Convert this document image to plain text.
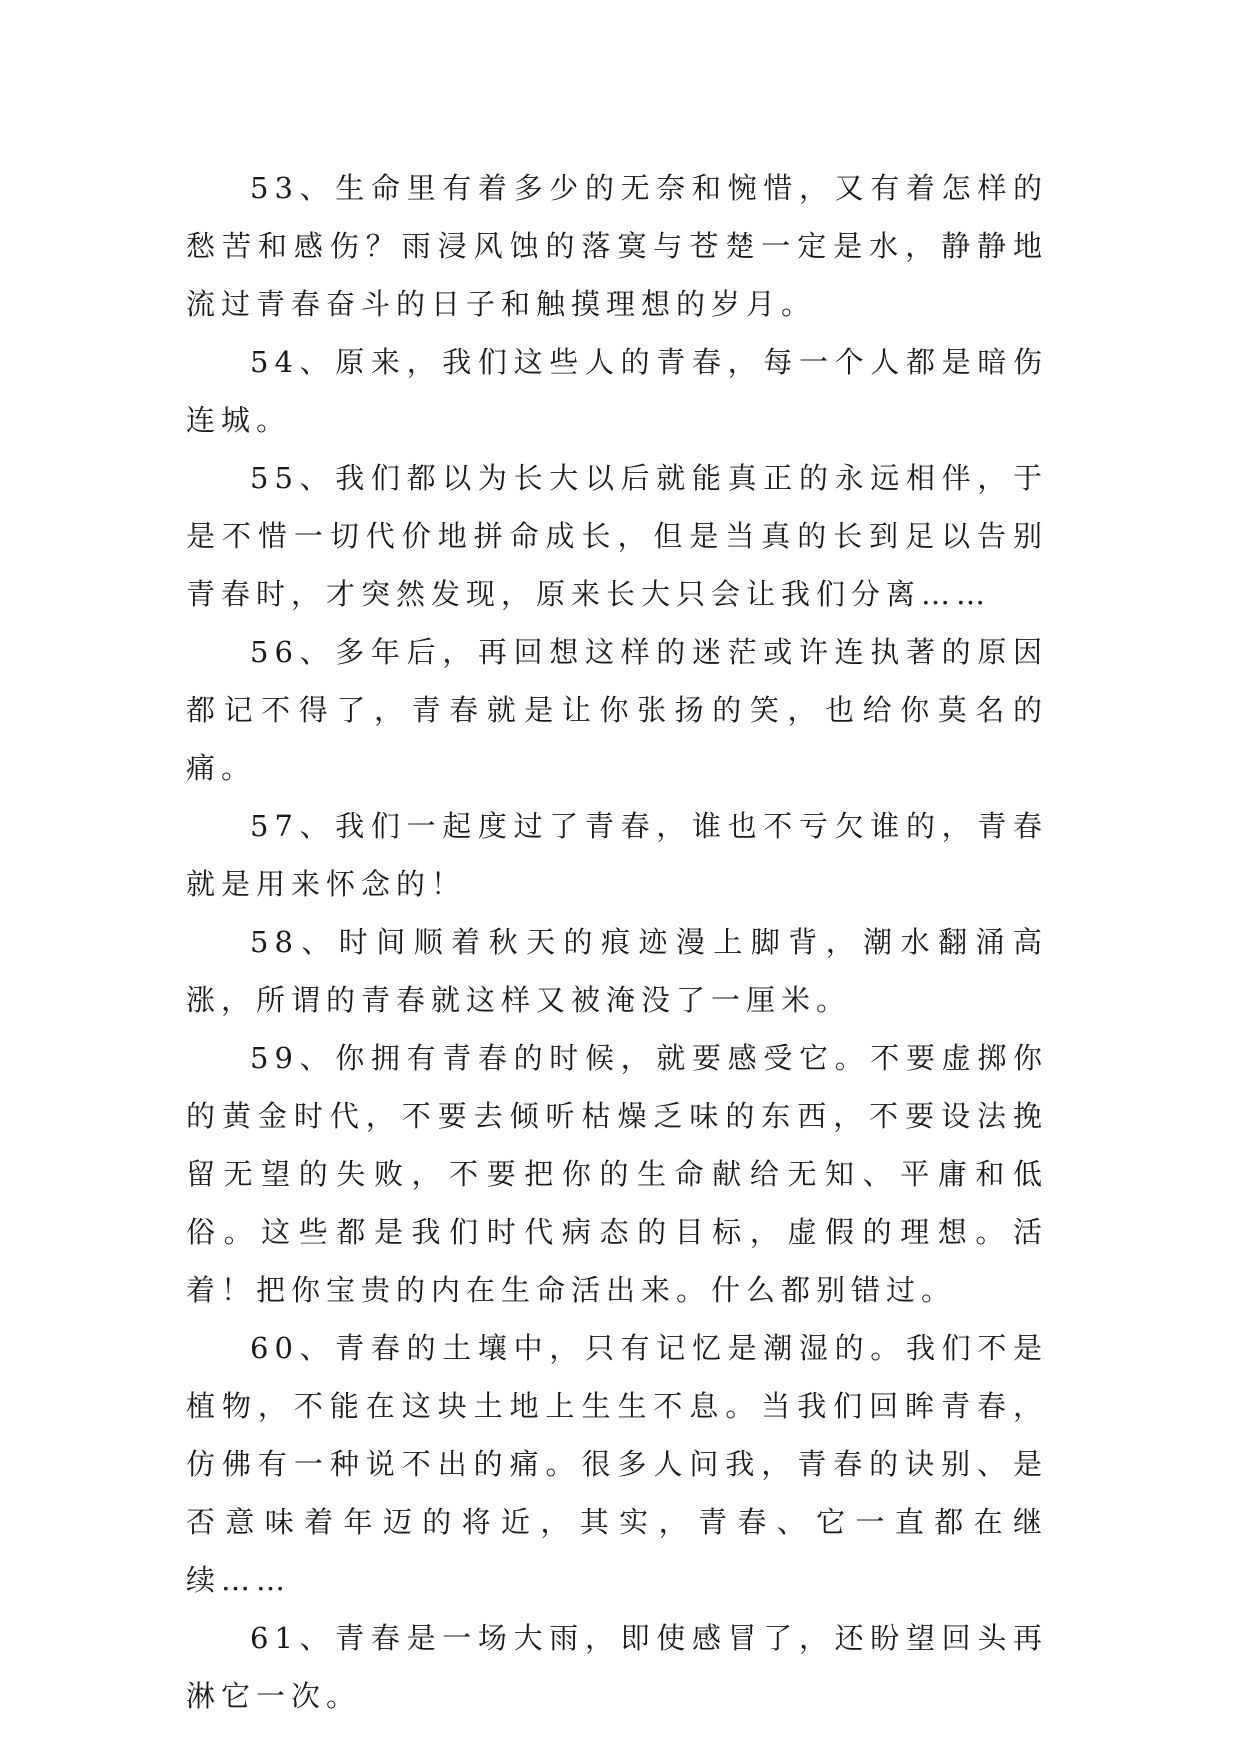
53、生命里有着多少的无奈和惋惜，又有着怎样的愁苦和感伤？雨浸风蚀的落寞与苍楚一定是水，静静地流过青春奋斗的日子和触摸理想的岁月。

54、原来，我们这些人的青春，每一个人都是暗伤连城。

55、我们都以为长大以后就能真正的永远相伴，于是不惜一切代价地拼命成长，但是当真的长到足以告别青春时，才突然发现，原来长大只会让我们分离……

56、多年后，再回想这样的迷茫或许连执著的原因都记不得了，青春就是让你张扬的笑，也给你莫名的痛。

57、我们一起度过了青春，谁也不亏欠谁的，青春就是用来怀念的！

58、时间顺着秋天的痕迹漫上脚背，潮水翻涌高涨，所谓的青春就这样又被淹没了一厘米。

59、你拥有青春的时候，就要感受它。不要虚掷你的黄金时代，不要去倾听枯燥乏味的东西，不要设法挽留无望的失败，不要把你的生命献给无知、平庸和低俗。这些都是我们时代病态的目标，虚假的理想。活着！把你宝贵的内在生命活出来。什么都别错过。

60、青春的土壤中，只有记忆是潮湿的。我们不是植物，不能在这块土地上生生不息。当我们回眸青春，仿佛有一种说不出的痛。很多人问我，青春的诀别、是否意味着年迈的将近，其实，青春、它一直都在继续……

61、青春是一场大雨，即使感冒了，还盼望回头再淋它一次。
